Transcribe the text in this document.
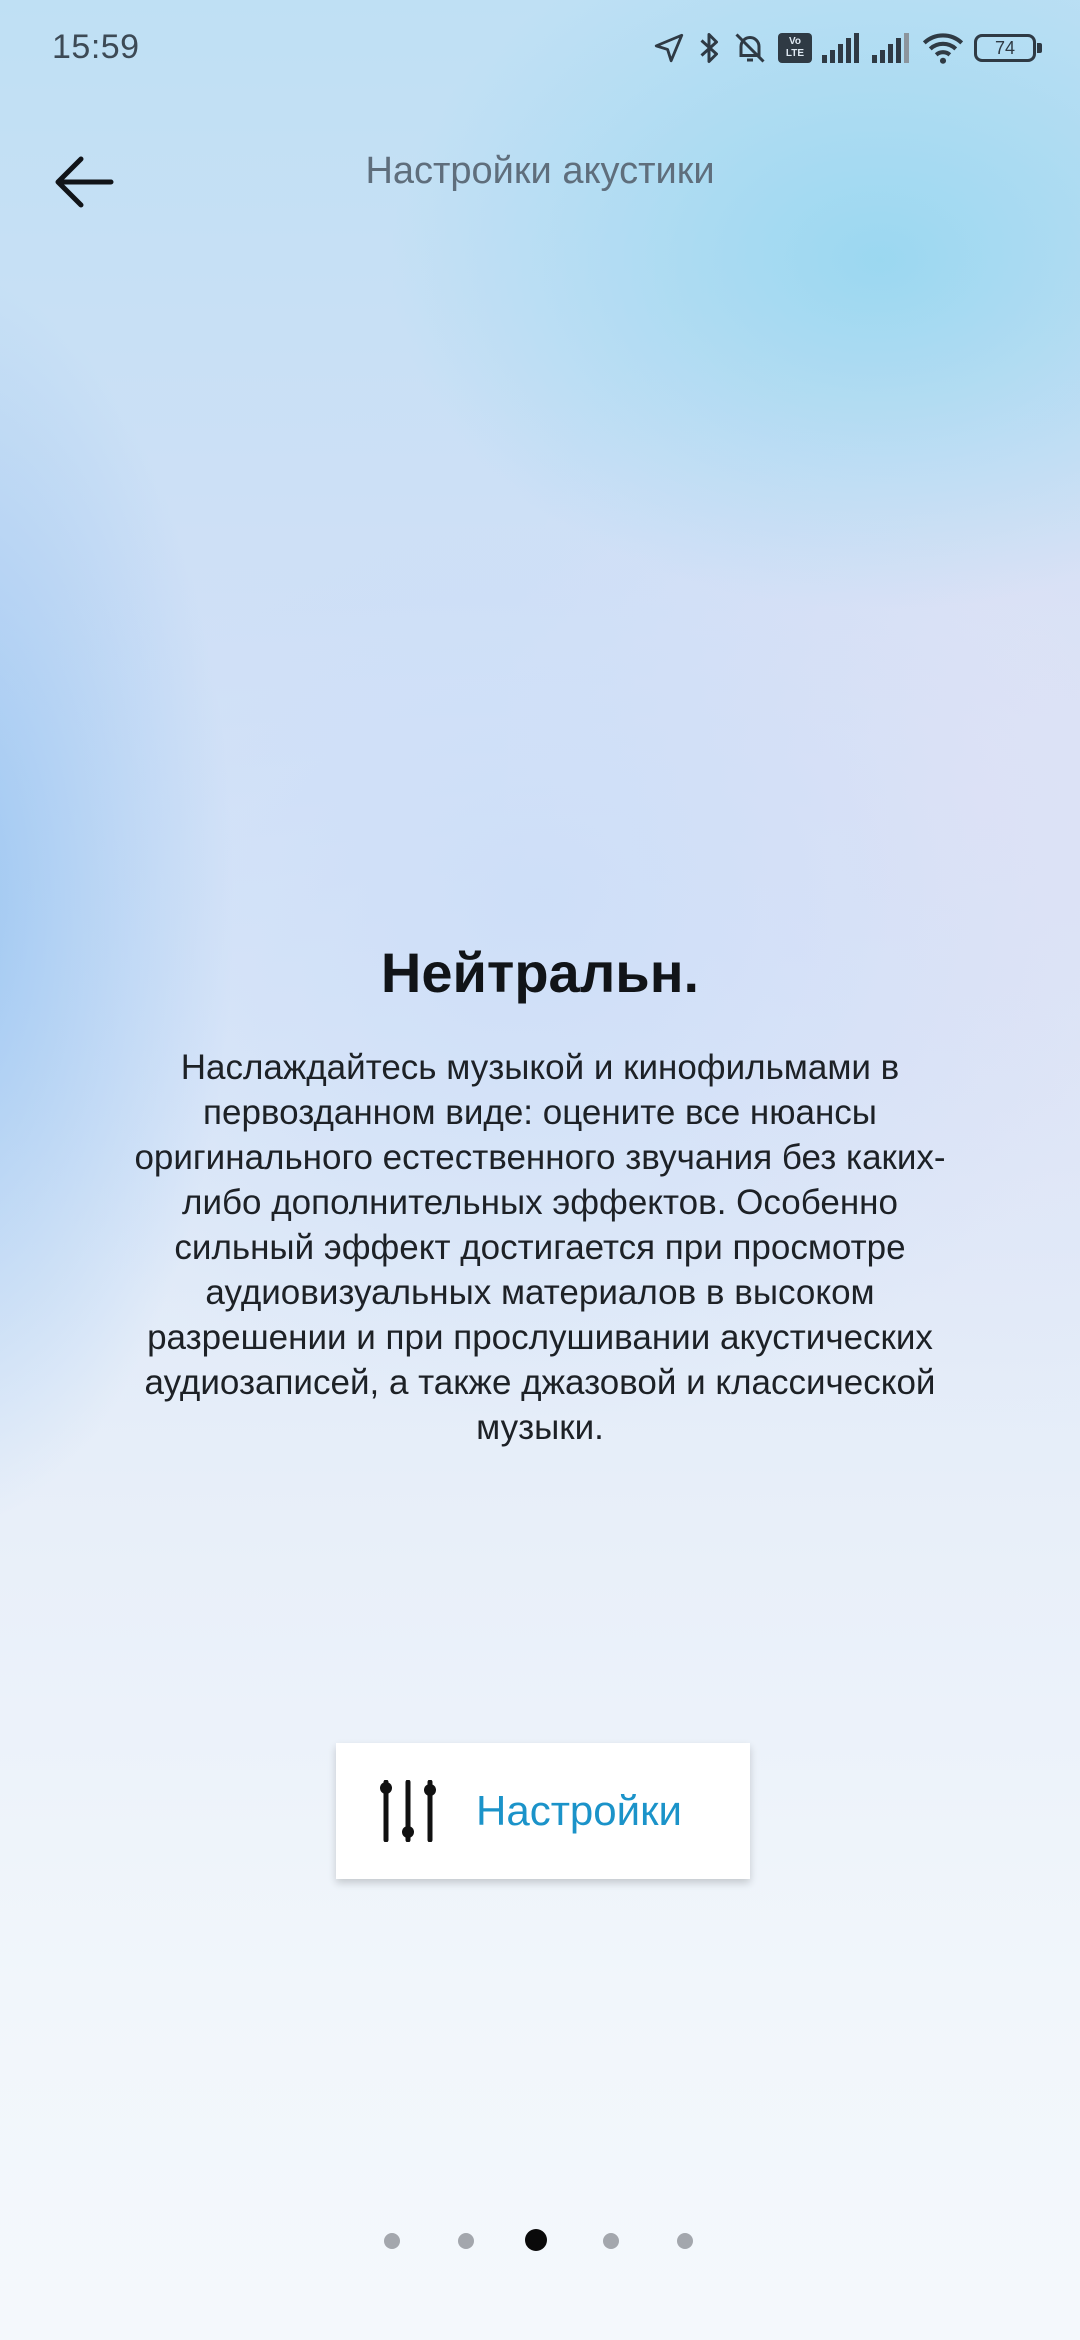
15:59	Vo
LTE	74
Настройки акустики
Нейтральн.

Наслаждайтесь музыкой и кинофильмами в первозданном виде: оцените все нюансы оригинального естественного звучания без каких-либо дополнительных эффектов. Особенно сильный эффект достигается при просмотре аудиовизуальных материалов в высоком разрешении и при прослушивании акустических аудиозаписей, а также джазовой и классической музыки.

Настройки
